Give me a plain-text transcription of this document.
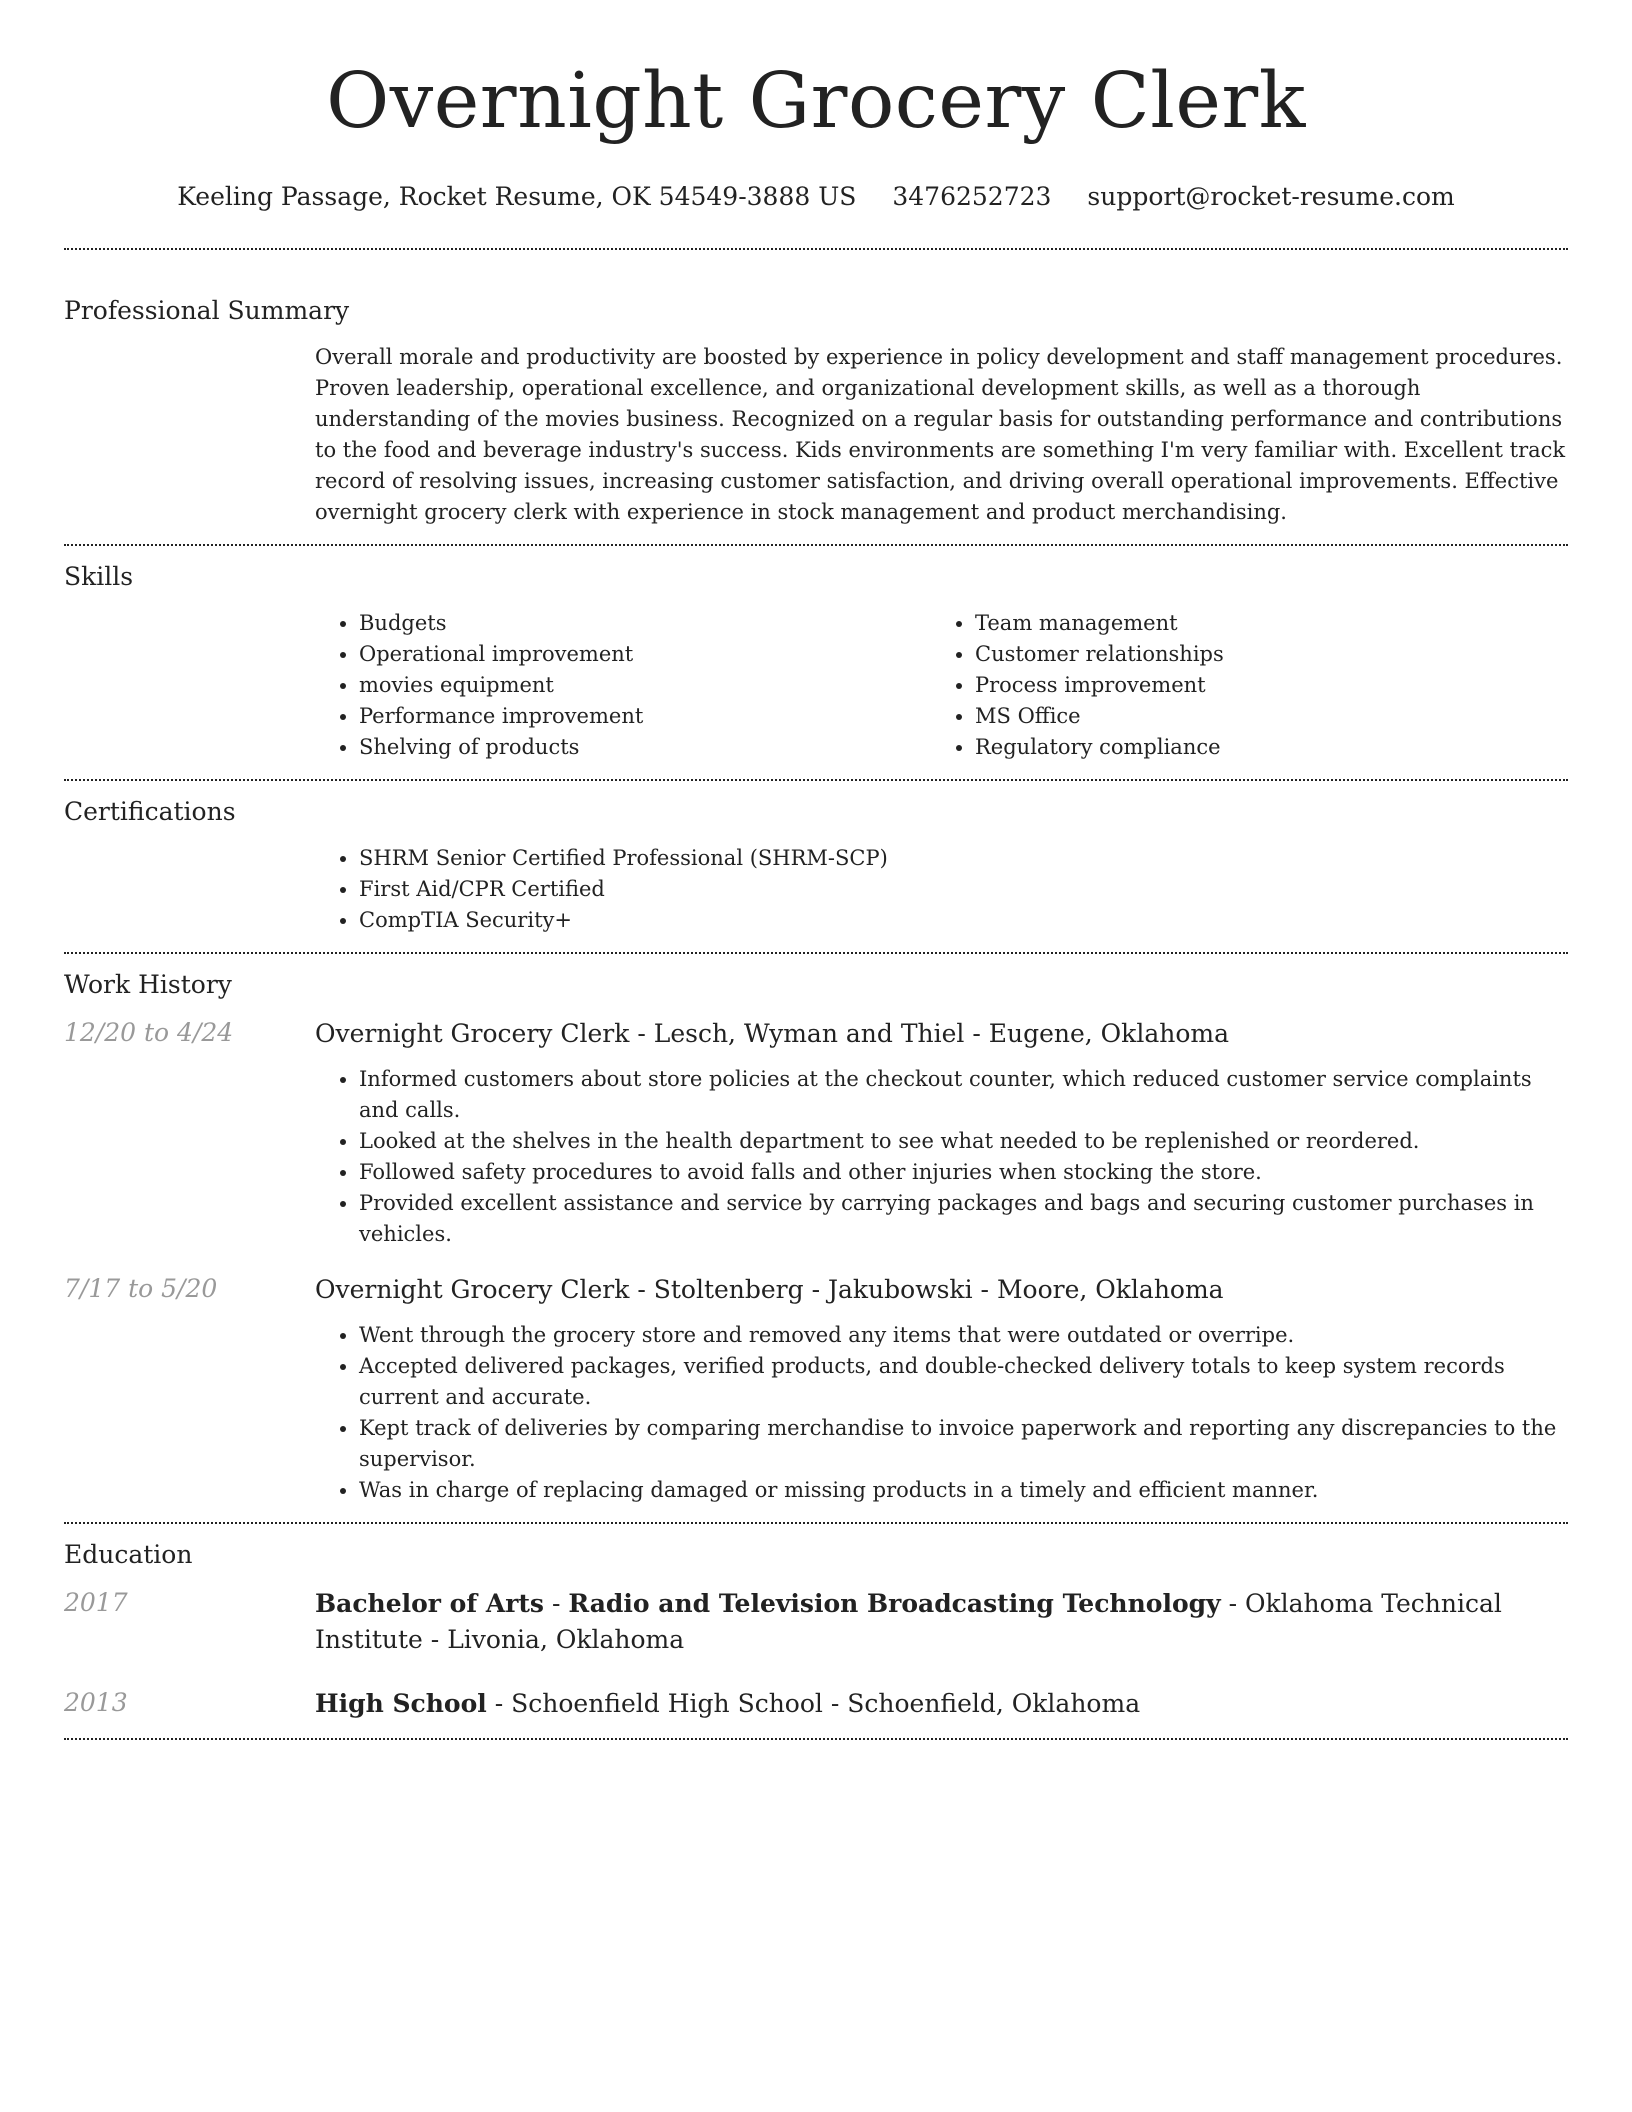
Overnight Grocery Clerk
Keeling Passage, Rocket Resume, OK 54549-3888 US 3476252723 support@rocket-resume.com
Professional Summary

Overall morale and productivity are boosted by experience in policy development and staff management procedures. Proven leadership, operational excellence, and organizational development skills, as well as a thorough understanding of the movies business. Recognized on a regular basis for outstanding performance and contributions to the food and beverage industry's success. Kids environments are something I'm very familiar with. Excellent track record of resolving issues, increasing customer satisfaction, and driving overall operational improvements. Effective overnight grocery clerk with experience in stock management and product merchandising.

Skills
• Budgets
• Operational improvement
• movies equipment
• Performance improvement
• Shelving of products
• Team management
• Customer relationships
• Process improvement
• MS Office
• Regulatory compliance
Certifications
• SHRM Senior Certified Professional (SHRM-SCP)
• First Aid/CPR Certified
• CompTIA Security+
Work History
12/20 to 4/24	Overnight Grocery Clerk - Lesch, Wyman and Thiel - Eugene, Oklahoma
• Informed customers about store policies at the checkout counter, which reduced customer service complaints and calls.
• Looked at the shelves in the health department to see what needed to be replenished or reordered.
• Followed safety procedures to avoid falls and other injuries when stocking the store.
• Provided excellent assistance and service by carrying packages and bags and securing customer purchases in vehicles.
7/17 to 5/20	Overnight Grocery Clerk - Stoltenberg - Jakubowski - Moore, Oklahoma
• Went through the grocery store and removed any items that were outdated or overripe.
• Accepted delivered packages, verified products, and double-checked delivery totals to keep system records current and accurate.
• Kept track of deliveries by comparing merchandise to invoice paperwork and reporting any discrepancies to the supervisor.
• Was in charge of replacing damaged or missing products in a timely and efficient manner.
Education
2017	Bachelor of Arts - Radio and Television Broadcasting Technology - Oklahoma Technical Institute - Livonia, Oklahoma
2013	High School - Schoenfield High School - Schoenfield, Oklahoma
